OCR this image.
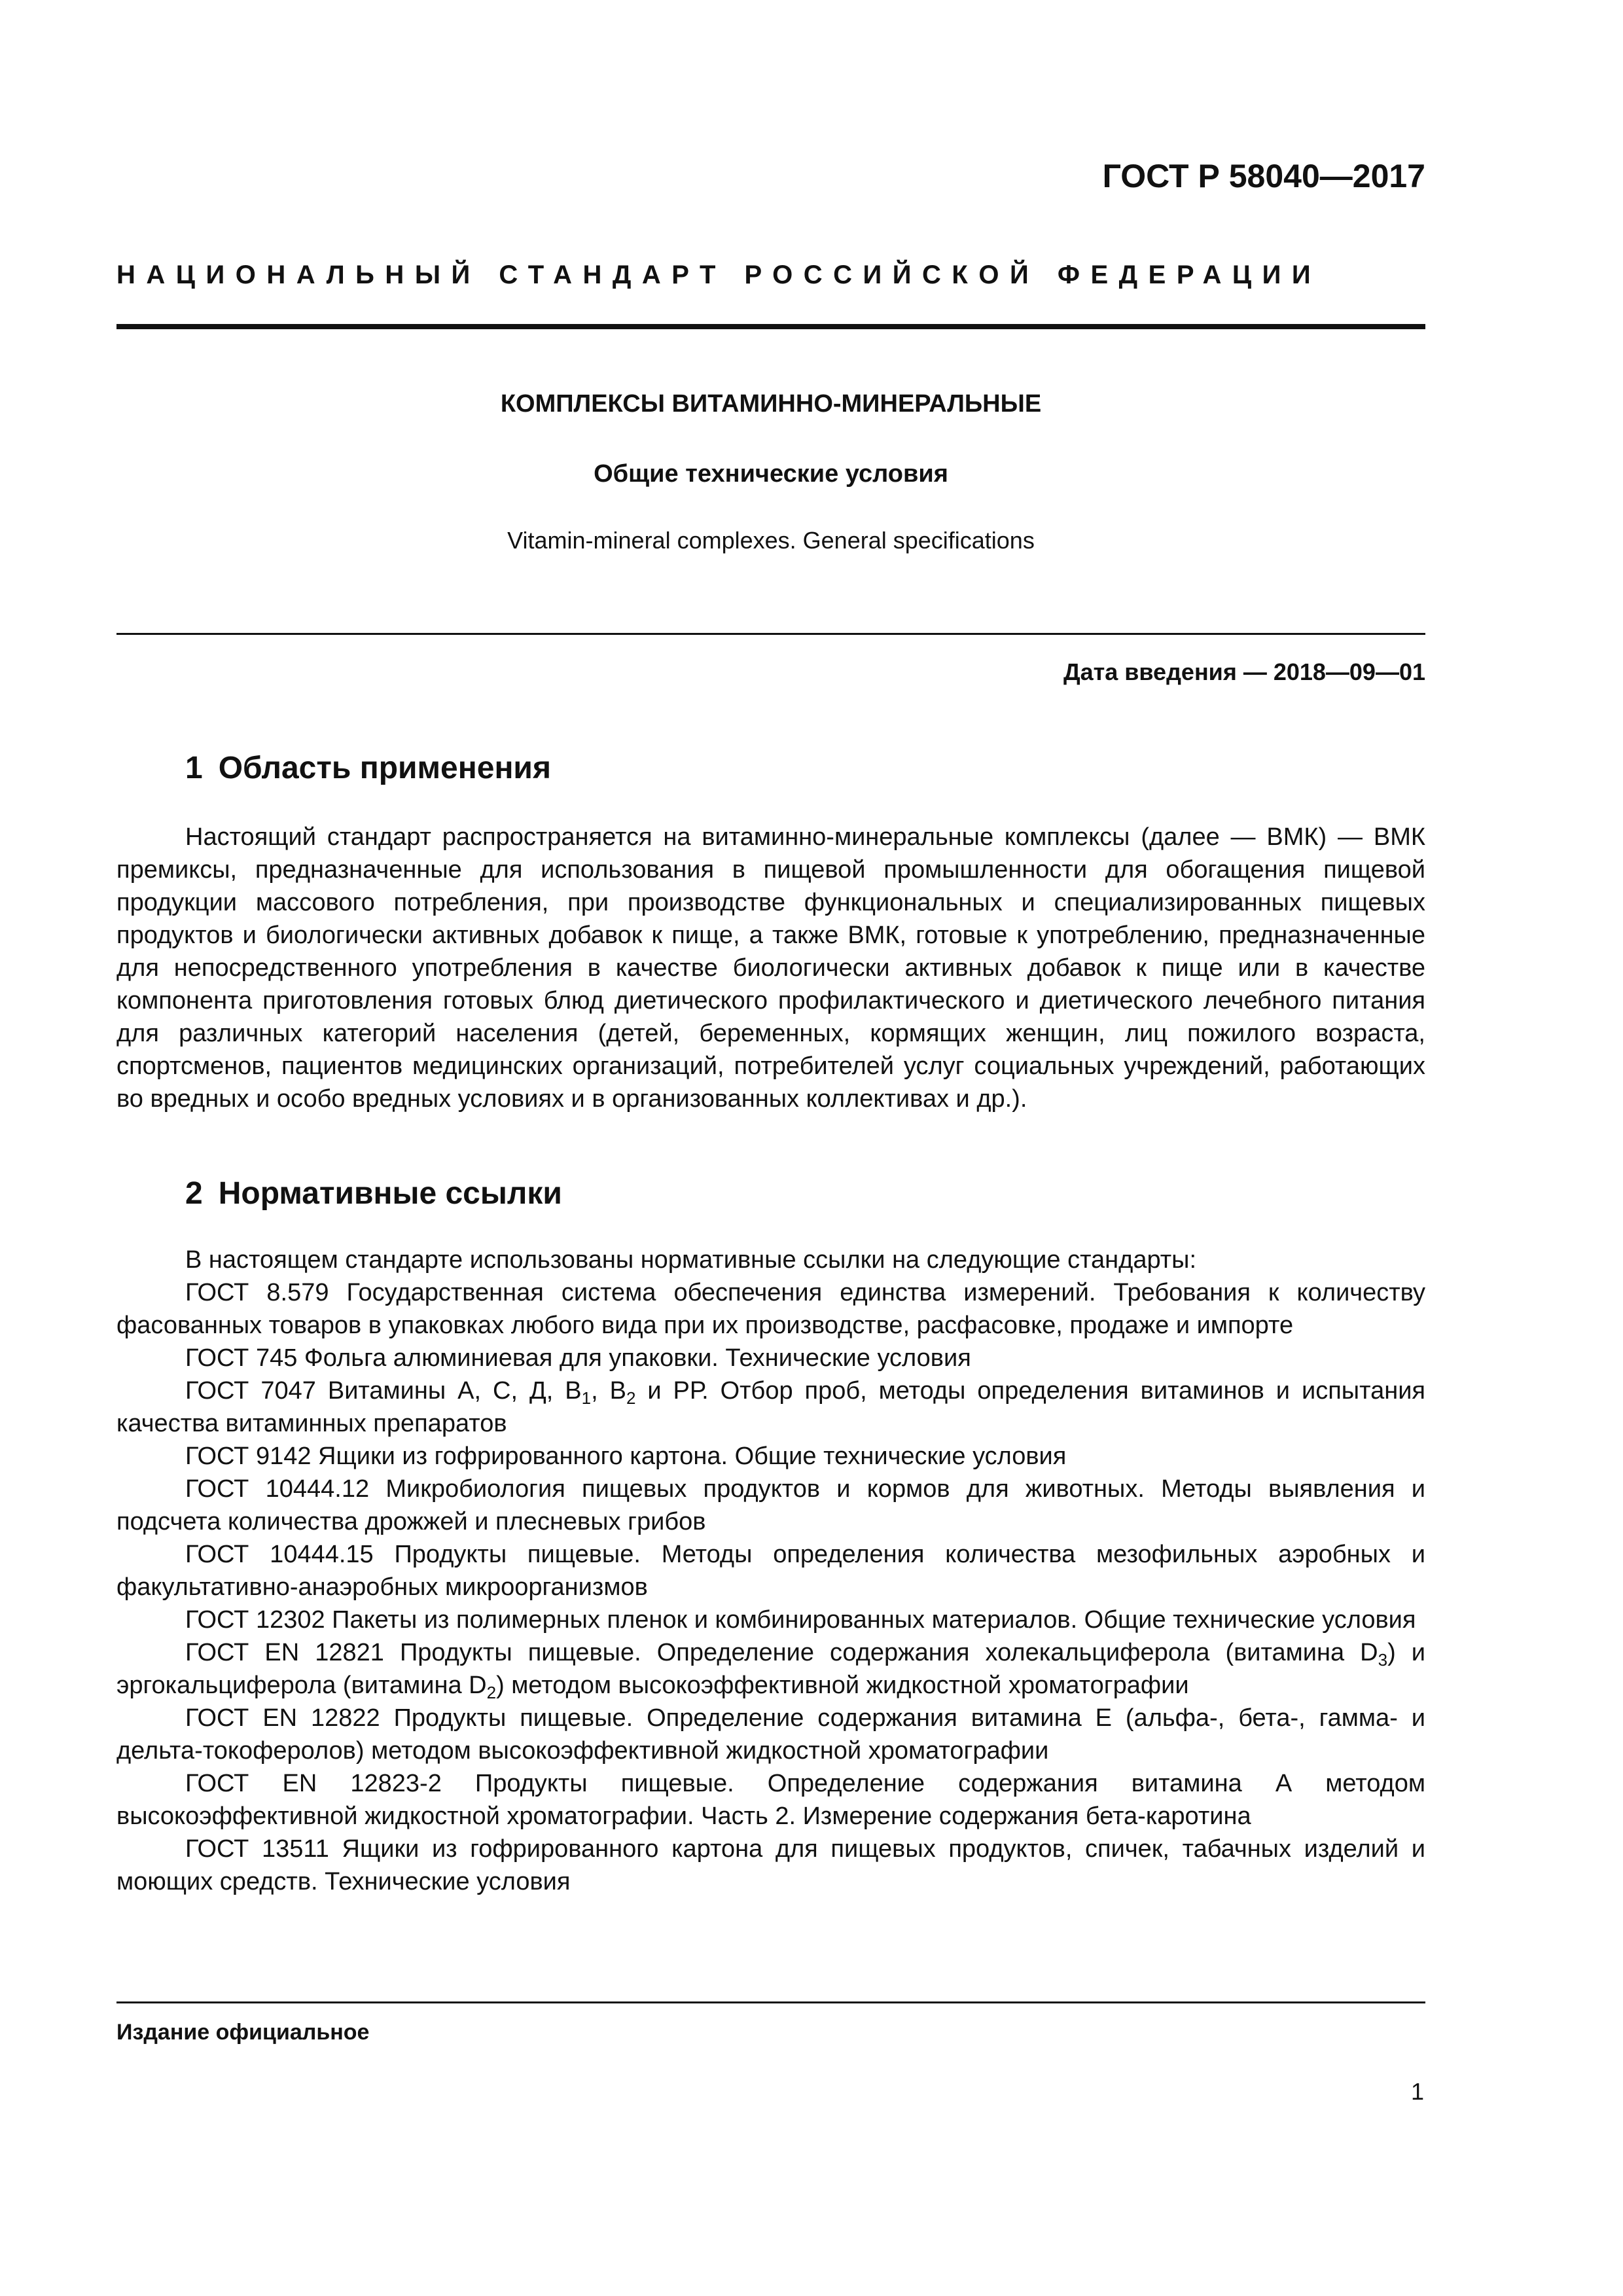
ГОСТ Р 58040—2017
НАЦИОНАЛЬНЫЙ СТАНДАРТ РОССИЙСКОЙ ФЕДЕРАЦИИ
КОМПЛЕКСЫ ВИТАМИННО-МИНЕРАЛЬНЫЕ
Общие технические условия
Vitamin-mineral complexes. General specifications
Дата введения — 2018—09—01
1 Область применения

Настоящий стандарт распространяется на витаминно-минеральные комплексы (далее — ВМК) — ВМК премиксы, предназначенные для использования в пищевой промышленности для обогащения пищевой продукции массового потребления, при производстве функциональных и специализированных пищевых продуктов и биологически активных добавок к пище, а также ВМК, готовые к употреблению, предназначенные для непосредственного употребления в качестве биологически активных добавок к пище или в качестве компонента приготовления готовых блюд диетического профилактического и диетического лечебного питания для различных категорий населения (детей, беременных, кормящих женщин, лиц пожилого возраста, спортсменов, пациентов медицинских организаций, потребителей услуг социальных учреждений, работающих во вредных и особо вредных условиях и в организованных коллективах и др.).

2 Нормативные ссылки

В настоящем стандарте использованы нормативные ссылки на следующие стандарты:

ГОСТ 8.579 Государственная система обеспечения единства измерений. Требования к количеству фасованных товаров в упаковках любого вида при их производстве, расфасовке, продаже и импорте

ГОСТ 745 Фольга алюминиевая для упаковки. Технические условия

ГОСТ 7047 Витамины А, С, Д, $В_1$, $В_2$ и РР. Отбор проб, методы определения витаминов и испытания качества витаминных препаратов

ГОСТ 9142 Ящики из гофрированного картона. Общие технические условия

ГОСТ 10444.12 Микробиология пищевых продуктов и кормов для животных. Методы выявления и подсчета количества дрожжей и плесневых грибов

ГОСТ 10444.15 Продукты пищевые. Методы определения количества мезофильных аэробных и факультативно-анаэробных микроорганизмов

ГОСТ 12302 Пакеты из полимерных пленок и комбинированных материалов. Общие технические условия

ГОСТ EN 12821 Продукты пищевые. Определение содержания холекальциферола (витамина $D_3$) и эргокальциферола (витамина $D_2$) методом высокоэффективной жидкостной хроматографии

ГОСТ EN 12822 Продукты пищевые. Определение содержания витамина Е (альфа-, бета-, гамма- и дельта-токоферолов) методом высокоэффективной жидкостной хроматографии

ГОСТ EN 12823-2 Продукты пищевые. Определение содержания витамина А методом высокоэффективной жидкостной хроматографии. Часть 2. Измерение содержания бета-каротина

ГОСТ 13511 Ящики из гофрированного картона для пищевых продуктов, спичек, табачных изделий и моющих средств. Технические условия

Издание официальное
1
